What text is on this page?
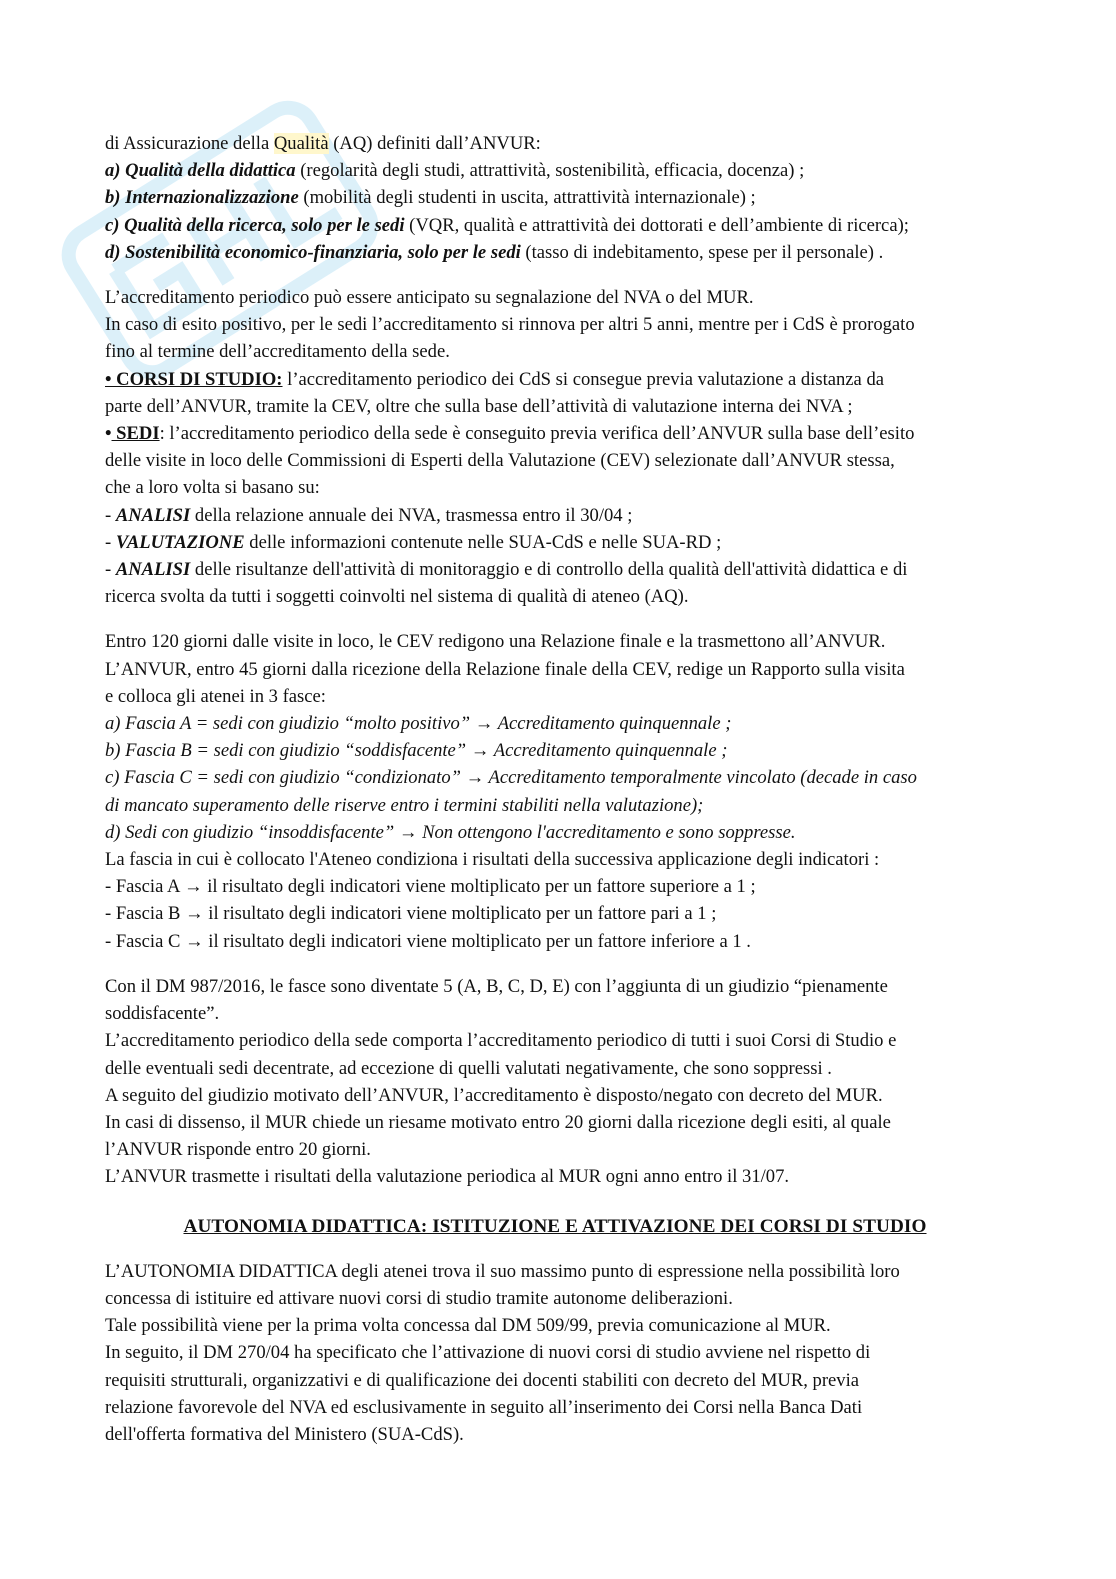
di Assicurazione della Qualità (AQ) definiti dall’ANVUR:

a) Qualità della didattica (regolarità degli studi, attrattività, sostenibilità, efficacia, docenza) ;

b) Internazionalizzazione (mobilità degli studenti in uscita, attrattività internazionale) ;

c) Qualità della ricerca, solo per le sedi (VQR, qualità e attrattività dei dottorati e dell’ambiente di ricerca);

d) Sostenibilità economico-finanziaria, solo per le sedi (tasso di indebitamento, spese per il personale) .

L’accreditamento periodico può essere anticipato su segnalazione del NVA o del MUR.

In caso di esito positivo, per le sedi l’accreditamento si rinnova per altri 5 anni, mentre per i CdS è prorogato

fino al termine dell’accreditamento della sede.

• CORSI DI STUDIO: l’accreditamento periodico dei CdS si consegue previa valutazione a distanza da

parte dell’ANVUR, tramite la CEV, oltre che sulla base dell’attività di valutazione interna dei NVA ;

• SEDI: l’accreditamento periodico della sede è conseguito previa verifica dell’ANVUR sulla base dell’esito

delle visite in loco delle Commissioni di Esperti della Valutazione (CEV) selezionate dall’ANVUR stessa,

che a loro volta si basano su:

- ANALISI della relazione annuale dei NVA, trasmessa entro il 30/04 ;

- VALUTAZIONE delle informazioni contenute nelle SUA-CdS e nelle SUA-RD ;

- ANALISI delle risultanze dell'attività di monitoraggio e di controllo della qualità dell'attività didattica e di

ricerca svolta da tutti i soggetti coinvolti nel sistema di qualità di ateneo (AQ).

Entro 120 giorni dalle visite in loco, le CEV redigono una Relazione finale e la trasmettono all’ANVUR.

L’ANVUR, entro 45 giorni dalla ricezione della Relazione finale della CEV, redige un Rapporto sulla visita

e colloca gli atenei in 3 fasce:

a) Fascia A = sedi con giudizio “molto positivo” → Accreditamento quinquennale ;

b) Fascia B = sedi con giudizio “soddisfacente” → Accreditamento quinquennale ;

c) Fascia C = sedi con giudizio “condizionato” → Accreditamento temporalmente vincolato (decade in caso

di mancato superamento delle riserve entro i termini stabiliti nella valutazione);

d) Sedi con giudizio “insoddisfacente” → Non ottengono l'accreditamento e sono soppresse.

La fascia in cui è collocato l'Ateneo condiziona i risultati della successiva applicazione degli indicatori :

- Fascia A → il risultato degli indicatori viene moltiplicato per un fattore superiore a 1 ;

- Fascia B → il risultato degli indicatori viene moltiplicato per un fattore pari a 1 ;

- Fascia C → il risultato degli indicatori viene moltiplicato per un fattore inferiore a 1 .

Con il DM 987/2016, le fasce sono diventate 5 (A, B, C, D, E) con l’aggiunta di un giudizio “pienamente

soddisfacente”.

L’accreditamento periodico della sede comporta l’accreditamento periodico di tutti i suoi Corsi di Studio e

delle eventuali sedi decentrate, ad eccezione di quelli valutati negativamente, che sono soppressi .

A seguito del giudizio motivato dell’ANVUR, l’accreditamento è disposto/negato con decreto del MUR.

In casi di dissenso, il MUR chiede un riesame motivato entro 20 giorni dalla ricezione degli esiti, al quale

l’ANVUR risponde entro 20 giorni.

L’ANVUR trasmette i risultati della valutazione periodica al MUR ogni anno entro il 31/07.

AUTONOMIA DIDATTICA: ISTITUZIONE E ATTIVAZIONE DEI CORSI DI STUDIO

L’AUTONOMIA DIDATTICA degli atenei trova il suo massimo punto di espressione nella possibilità loro

concessa di istituire ed attivare nuovi corsi di studio tramite autonome deliberazioni.

Tale possibilità viene per la prima volta concessa dal DM 509/99, previa comunicazione al MUR.

In seguito, il DM 270/04 ha specificato che l’attivazione di nuovi corsi di studio avviene nel rispetto di

requisiti strutturali, organizzativi e di qualificazione dei docenti stabiliti con decreto del MUR, previa

relazione favorevole del NVA ed esclusivamente in seguito all’inserimento dei Corsi nella Banca Dati

dell'offerta formativa del Ministero (SUA-CdS).
